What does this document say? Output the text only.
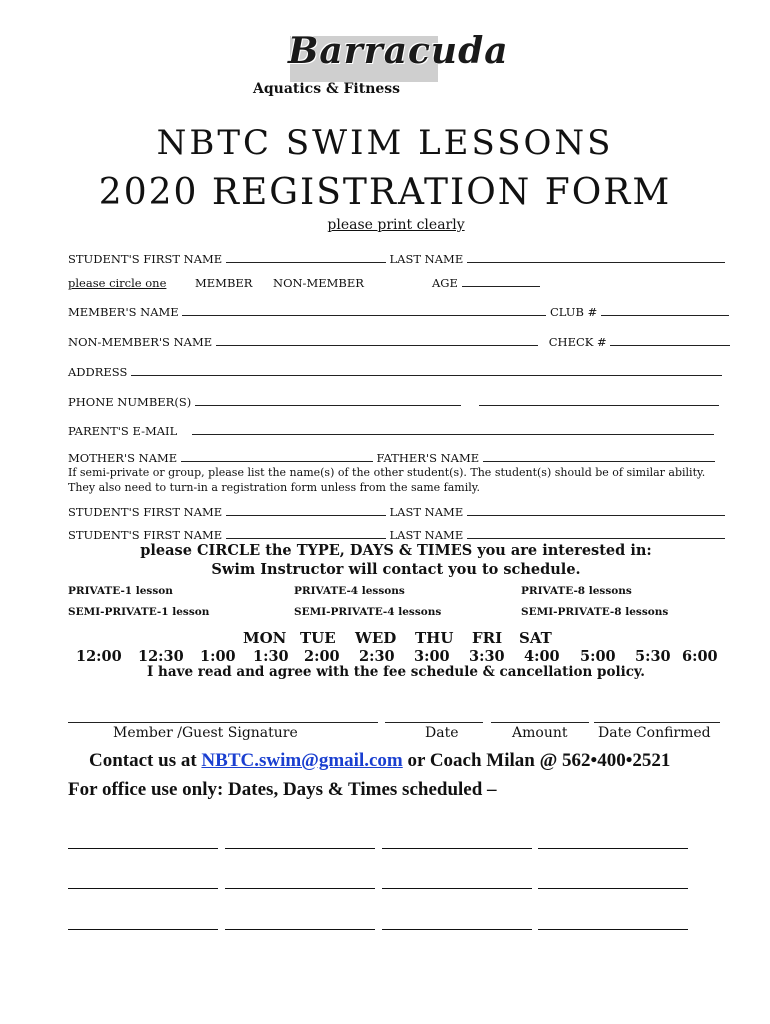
Barracuda
Aquatics & Fitness
NBTC SWIM LESSONS
2020 REGISTRATION FORM
please print clearly
STUDENT'S FIRST NAME	LAST NAME
please circle one MEMBER NON-MEMBER	AGE
MEMBER'S NAME	CLUB #
NON-MEMBER'S NAME	CHECK #
ADDRESS
PHONE NUMBER(S)
PARENT'S E-MAIL
MOTHER'S NAME	FATHER'S NAME
If semi-private or group, please list the name(s) of the other student(s). The student(s) should be of similar ability.
They also need to turn-in a registration form unless from the same family.
STUDENT'S FIRST NAME	LAST NAME
STUDENT'S FIRST NAME	LAST NAME
please CIRCLE the TYPE, DAYS & TIMES you are interested in:
Swim Instructor will contact you to schedule.
PRIVATE-1 lesson	PRIVATE-4 lessons	PRIVATE-8 lessons
SEMI-PRIVATE-1 lesson	SEMI-PRIVATE-4 lessons	SEMI-PRIVATE-8 lessons
MON TUE WED THU FRI SAT
12:00 12:30 1:00 1:30 2:00 2:30 3:00 3:30 4:00 5:00 5:30 6:00
I have read and agree with the fee schedule & cancellation policy.
Member /Guest Signature	Date	Amount Date Confirmed
Contact us at NBTC.swim@gmail.com or Coach Milan @ 562•400•2521
For office use only: Dates, Days & Times scheduled –
